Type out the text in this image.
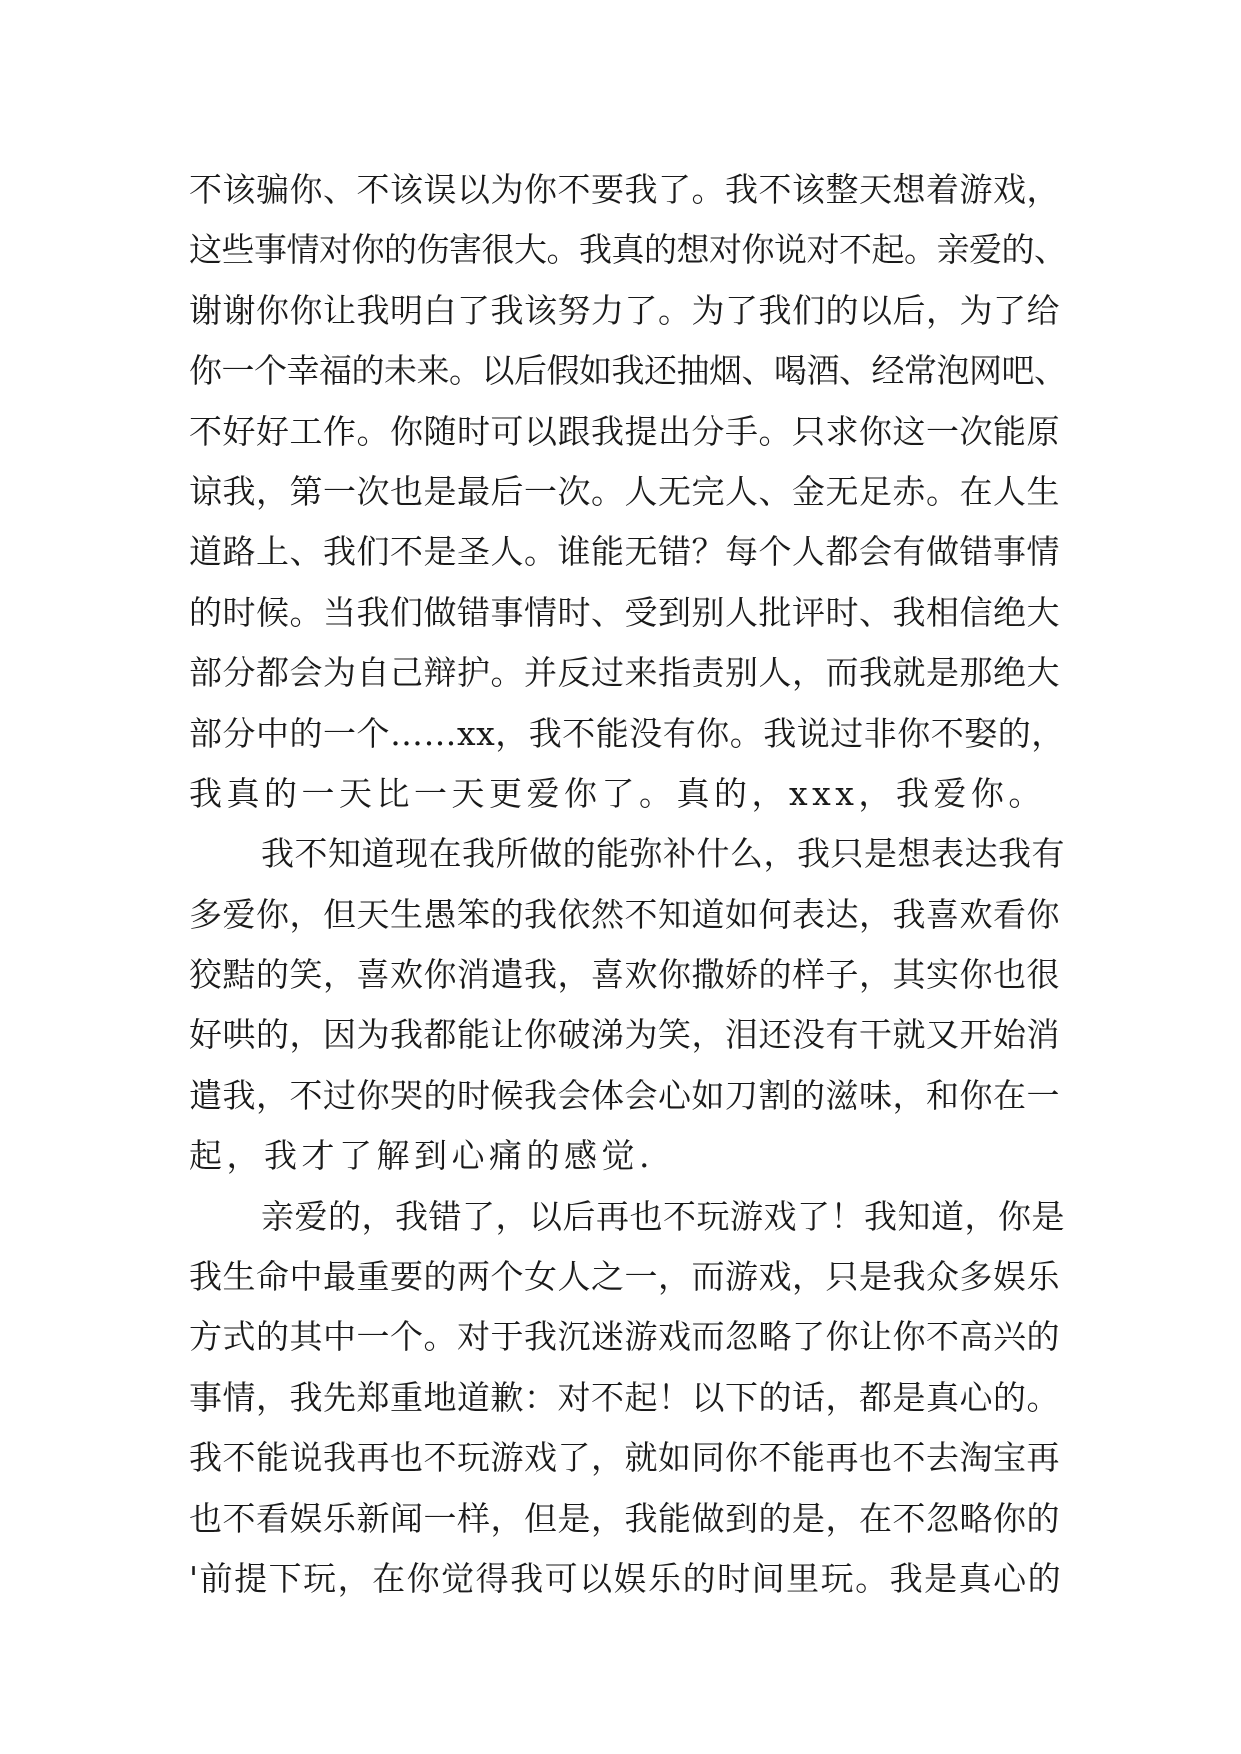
不该骗你、不该误以为你不要我了。我不该整天想着游戏，
这些事情对你的伤害很大。我真的想对你说对不起。亲爱的、
谢谢你你让我明白了我该努力了。为了我们的以后，为了给
你一个幸福的未来。以后假如我还抽烟、喝酒、经常泡网吧、
不好好工作。你随时可以跟我提出分手。只求你这一次能原
谅我，第一次也是最后一次。人无完人、金无足赤。在人生
道路上、我们不是圣人。谁能无错？每个人都会有做错事情
的时候。当我们做错事情时、受到别人批评时、我相信绝大
部分都会为自己辩护。并反过来指责别人，而我就是那绝大
部分中的一个……xx，我不能没有你。我说过非你不娶的，
我真的一天比一天更爱你了。真的，xxx，我爱你。
我不知道现在我所做的能弥补什么，我只是想表达我有
多爱你，但天生愚笨的我依然不知道如何表达，我喜欢看你
狡黠的笑，喜欢你消遣我，喜欢你撒娇的样子，其实你也很
好哄的，因为我都能让你破涕为笑，泪还没有干就又开始消
遣我，不过你哭的时候我会体会心如刀割的滋味，和你在一
起，我才了解到心痛的感觉.
亲爱的，我错了，以后再也不玩游戏了！我知道，你是
我生命中最重要的两个女人之一，而游戏，只是我众多娱乐
方式的其中一个。对于我沉迷游戏而忽略了你让你不高兴的
事情，我先郑重地道歉：对不起！以下的话，都是真心的。
我不能说我再也不玩游戏了，就如同你不能再也不去淘宝再
也不看娱乐新闻一样，但是，我能做到的是，在不忽略你的
'前提下玩，在你觉得我可以娱乐的时间里玩。我是真心的
